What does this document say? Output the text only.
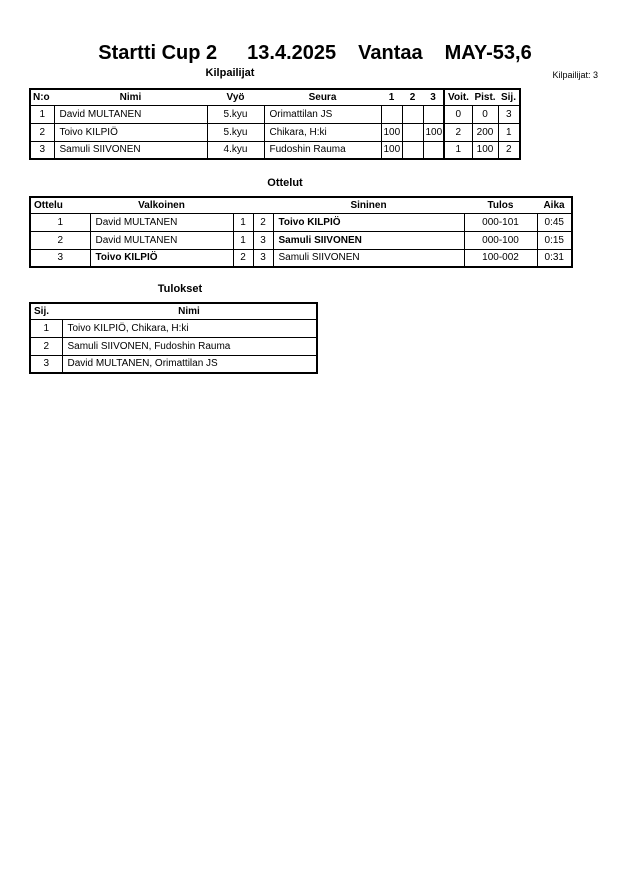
Startti Cup 2 13.4.2025 Vantaa MAY-53,6
Kilpailijat	Kilpailijat: 3
N:o	Nimi	Vyö	Seura	1	2	3	Voit.	Pist.	Sij.
1	David MULTANEN	5.kyu	Orimattilan JS				0	0	3
2	Toivo KILPIÖ	5.kyu	Chikara, H:ki	100		100	2	200	1
3	Samuli SIIVONEN	4.kyu	Fudoshin Rauma	100			1	100	2
Ottelut
Ottelu	Valkoinen			Sininen	Tulos	Aika
1	David MULTANEN	1	2	Toivo KILPIÖ	000-101	0:45
2	David MULTANEN	1	3	Samuli SIIVONEN	000-100	0:15
3	Toivo KILPIÖ	2	3	Samuli SIIVONEN	100-002	0:31
Tulokset
Sij.	Nimi
1	Toivo KILPIÖ, Chikara, H:ki
2	Samuli SIIVONEN, Fudoshin Rauma
3	David MULTANEN, Orimattilan JS
